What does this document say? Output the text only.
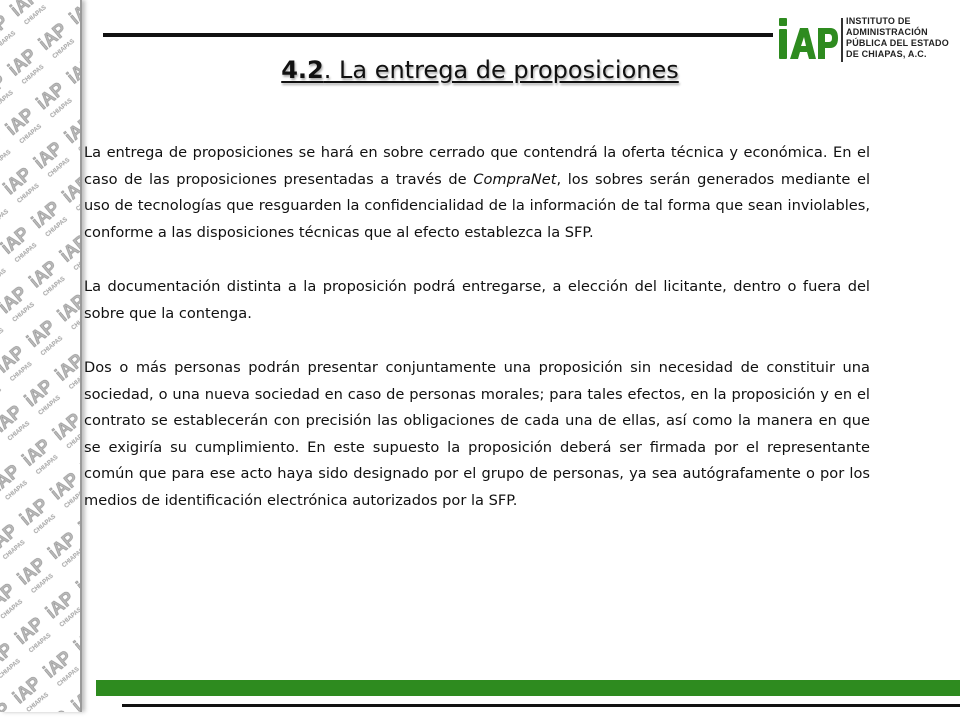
INSTITUTO DE
ADMINISTRACIÓN
PÚBLICA DEL ESTADO
DE CHIAPAS, A.C.
4.2. La entrega de proposiciones

La entrega de proposiciones se hará en sobre cerrado que contendrá la oferta técnica y económica. En el caso de las proposiciones presentadas a través de CompraNet, los sobres serán generados mediante el uso de tecnologías que resguarden la confidencialidad de la información de tal forma que sean inviolables, conforme a las disposiciones técnicas que al efecto establezca la SFP.

La documentación distinta a la proposición podrá entregarse, a elección del licitante, dentro o fuera del sobre que la contenga.

Dos o más personas podrán presentar conjuntamente una proposición sin necesidad de constituir una sociedad, o una nueva sociedad en caso de personas morales; para tales efectos, en la proposición y en el contrato se establecerán con precisión las obligaciones de cada una de ellas, así como la manera en que se exigiría su cumplimiento. En este supuesto la proposición deberá ser firmada por el representante común que para ese acto haya sido designado por el grupo de personas, ya sea autógrafamente o por los medios de identificación electrónica autorizados por la SFP.
